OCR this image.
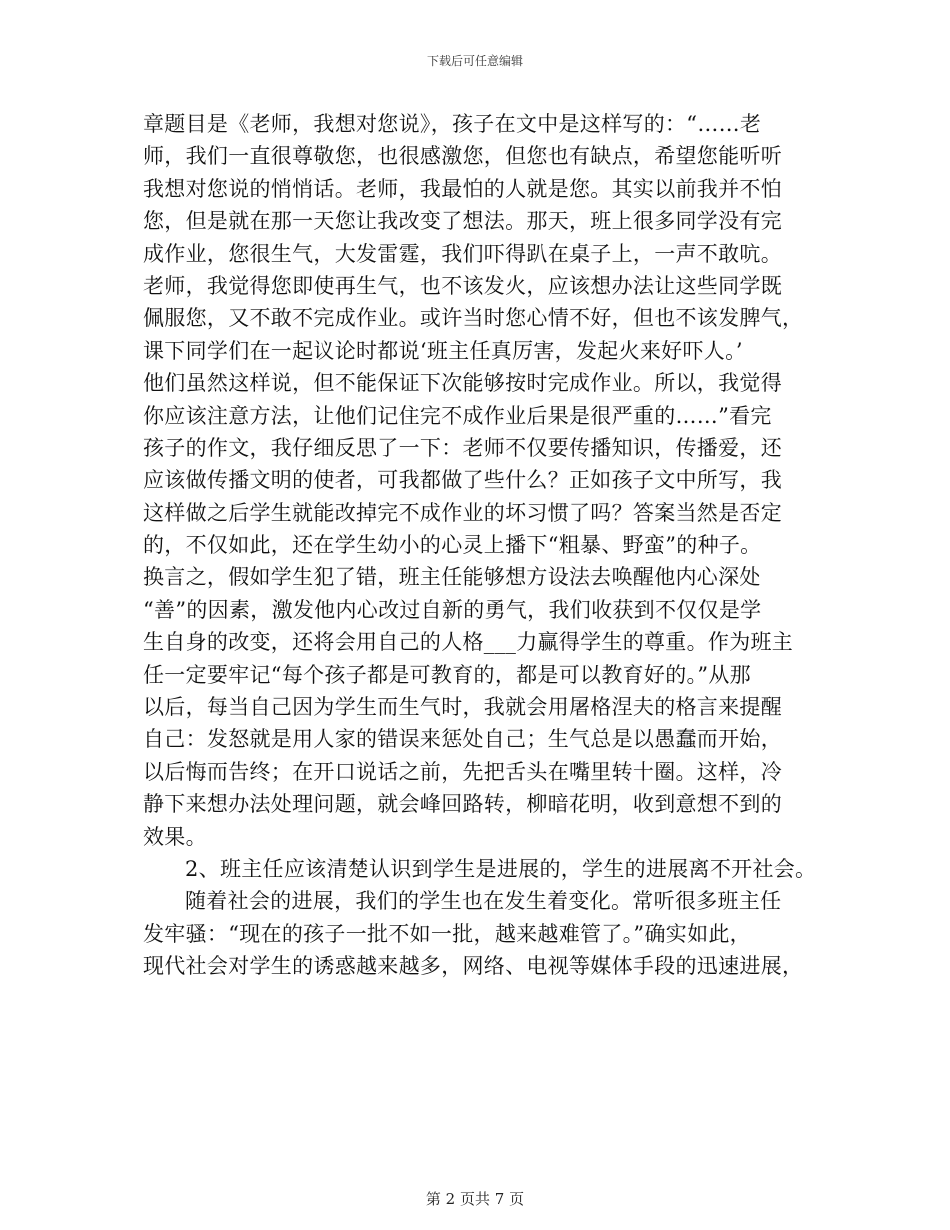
下载后可任意编辑
章题目是《老师，我想对您说》，孩子在文中是这样写的：“……老
师，我们一直很尊敬您，也很感激您，但您也有缺点，希望您能听听
我想对您说的悄悄话。老师，我最怕的人就是您。其实以前我并不怕
您，但是就在那一天您让我改变了想法。那天，班上很多同学没有完
成作业，您很生气，大发雷霆，我们吓得趴在桌子上，一声不敢吭。
老师，我觉得您即使再生气，也不该发火，应该想办法让这些同学既
佩服您，又不敢不完成作业。或许当时您心情不好，但也不该发脾气，
课下同学们在一起议论时都说‘班主任真厉害，发起火来好吓人。’
他们虽然这样说，但不能保证下次能够按时完成作业。所以，我觉得
你应该注意方法，让他们记住完不成作业后果是很严重的……”看完
孩子的作文，我仔细反思了一下：老师不仅要传播知识，传播爱，还
应该做传播文明的使者，可我都做了些什么？正如孩子文中所写，我
这样做之后学生就能改掉完不成作业的坏习惯了吗？答案当然是否定
的，不仅如此，还在学生幼小的心灵上播下“粗暴、野蛮”的种子。
换言之，假如学生犯了错，班主任能够想方设法去唤醒他内心深处
“善”的因素，激发他内心改过自新的勇气，我们收获到不仅仅是学
生自身的改变，还将会用自己的人格___力赢得学生的尊重。作为班主
任一定要牢记“每个孩子都是可教育的，都是可以教育好的。”从那
以后，每当自己因为学生而生气时，我就会用屠格涅夫的格言来提醒
自己：发怒就是用人家的错误来惩处自己；生气总是以愚蠢而开始，
以后悔而告终；在开口说话之前，先把舌头在嘴里转十圈。这样，冷
静下来想办法处理问题，就会峰回路转，柳暗花明，收到意想不到的
效果。
2、班主任应该清楚认识到学生是进展的，学生的进展离不开社会。
随着社会的进展，我们的学生也在发生着变化。常听很多班主任
发牢骚：“现在的孩子一批不如一批，越来越难管了。”确实如此，
现代社会对学生的诱惑越来越多，网络、电视等媒体手段的迅速进展，
第 2 页共 7 页
